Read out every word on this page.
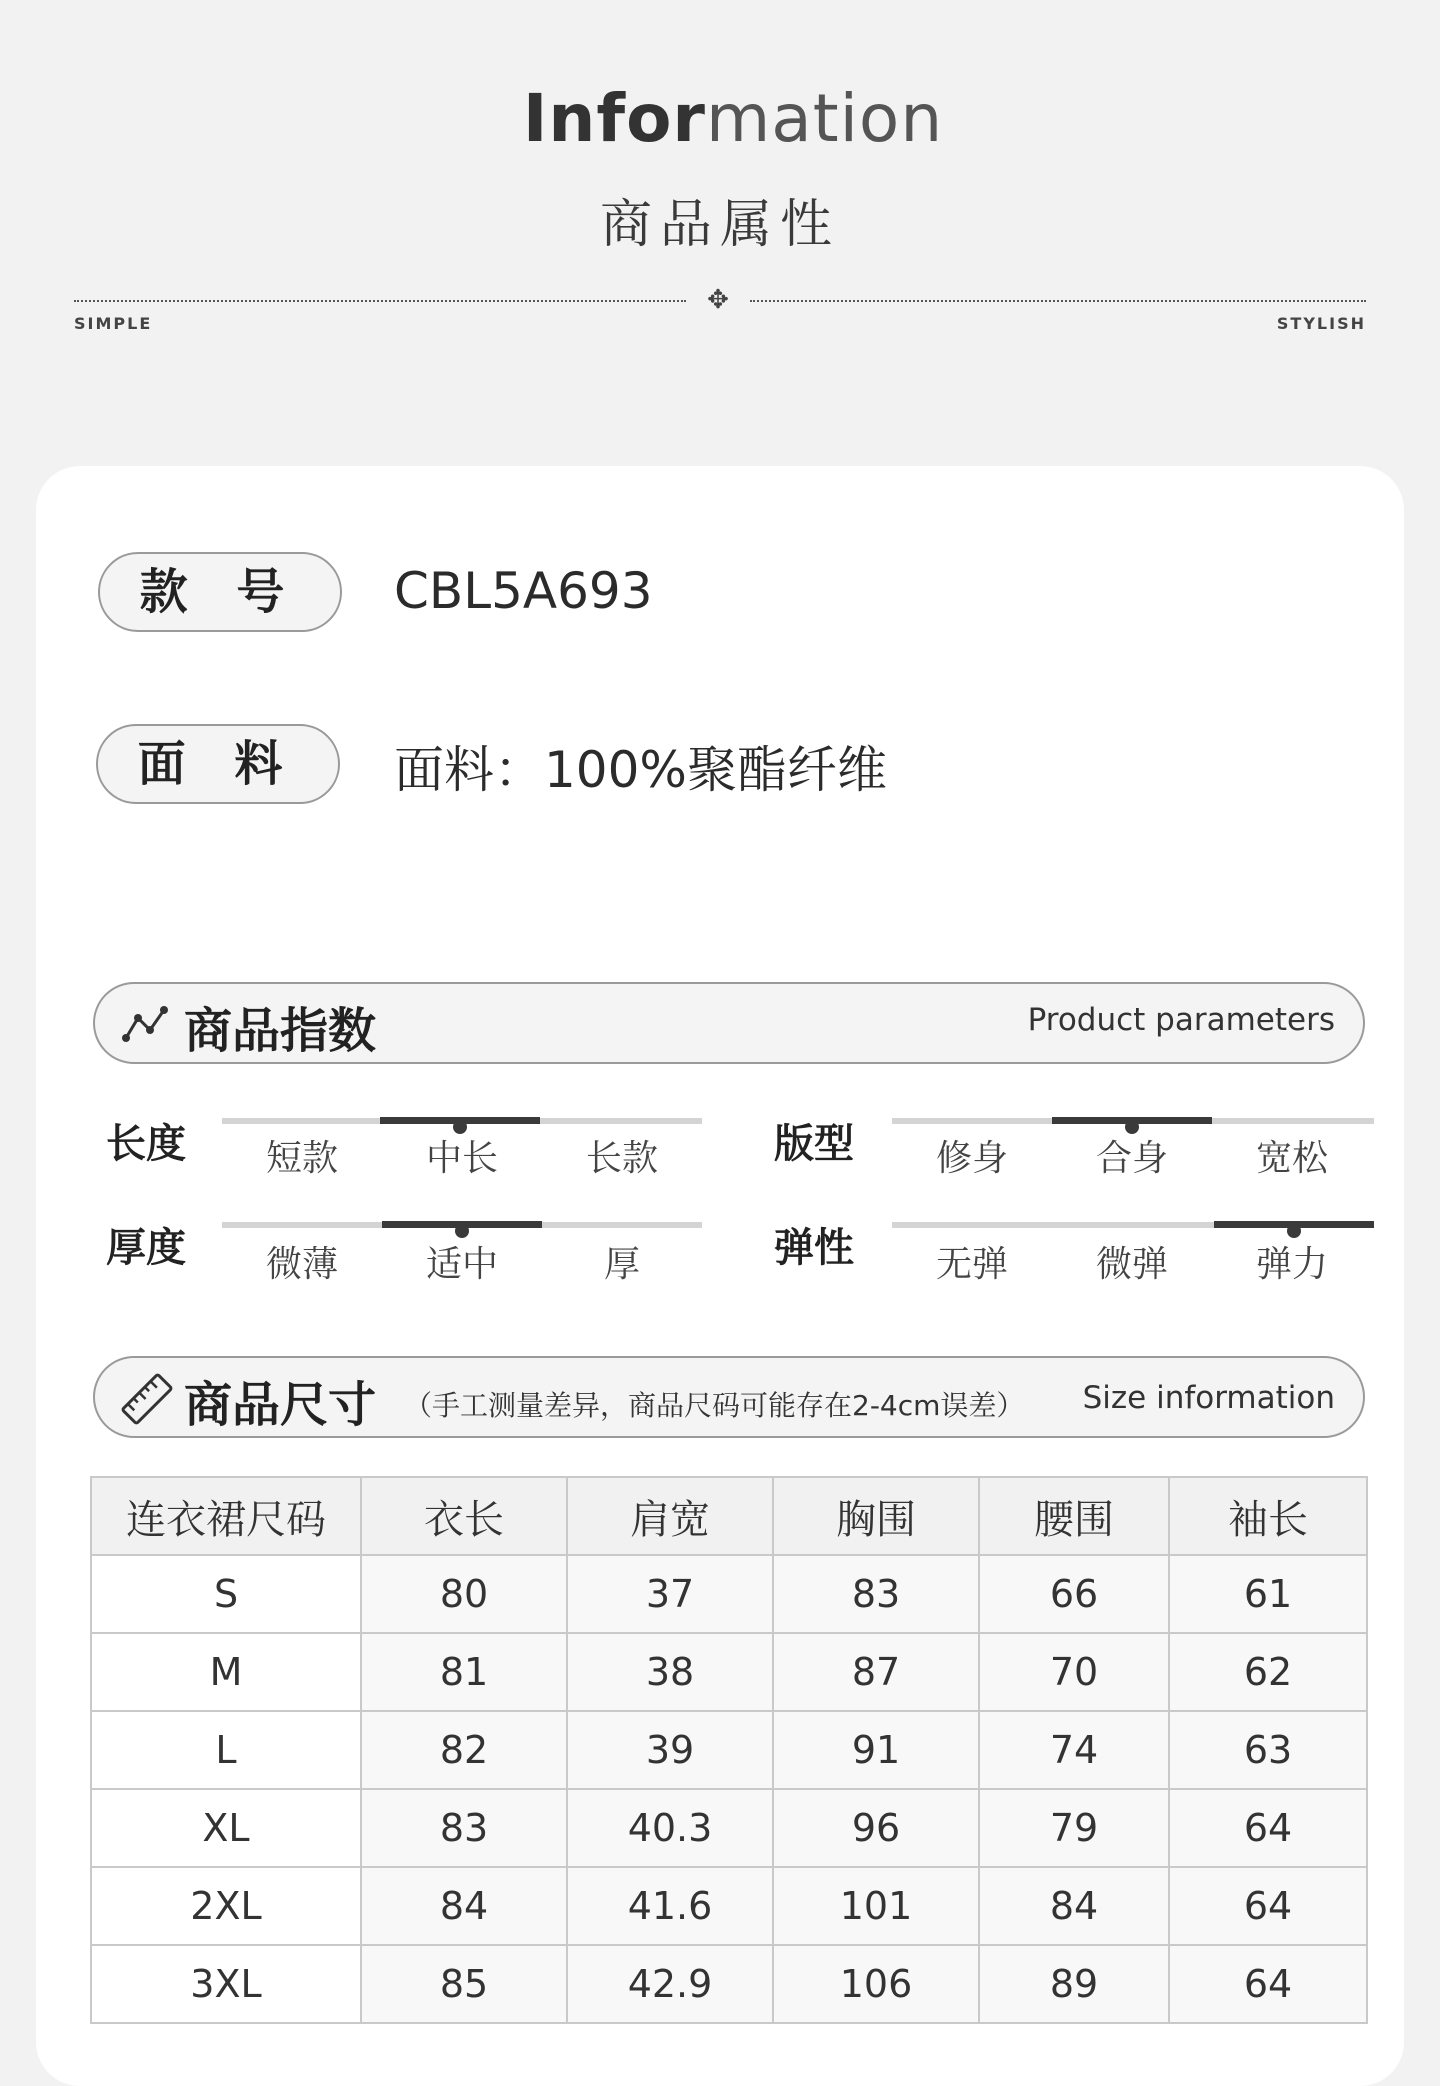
Information
商品属性
✥
SIMPLE	STYLISH
款 号	CBL5A693
面 料	面料：100%聚酯纤维
商品指数	Product parameters
长度	短款	中长	长款	版型	修身	合身	宽松
厚度	微薄	适中	厚	弹性	无弹	微弹	弹力
商品尺寸 （手工测量差异，商品尺码可能存在2-4cm误差） Size information
连衣裙尺码	衣长	肩宽	胸围	腰围	袖长
S	80	37	83	66	61
M	81	38	87	70	62
L	82	39	91	74	63
XL	83	40.3	96	79	64
2XL	84	41.6	101	84	64
3XL	85	42.9	106	89	64
